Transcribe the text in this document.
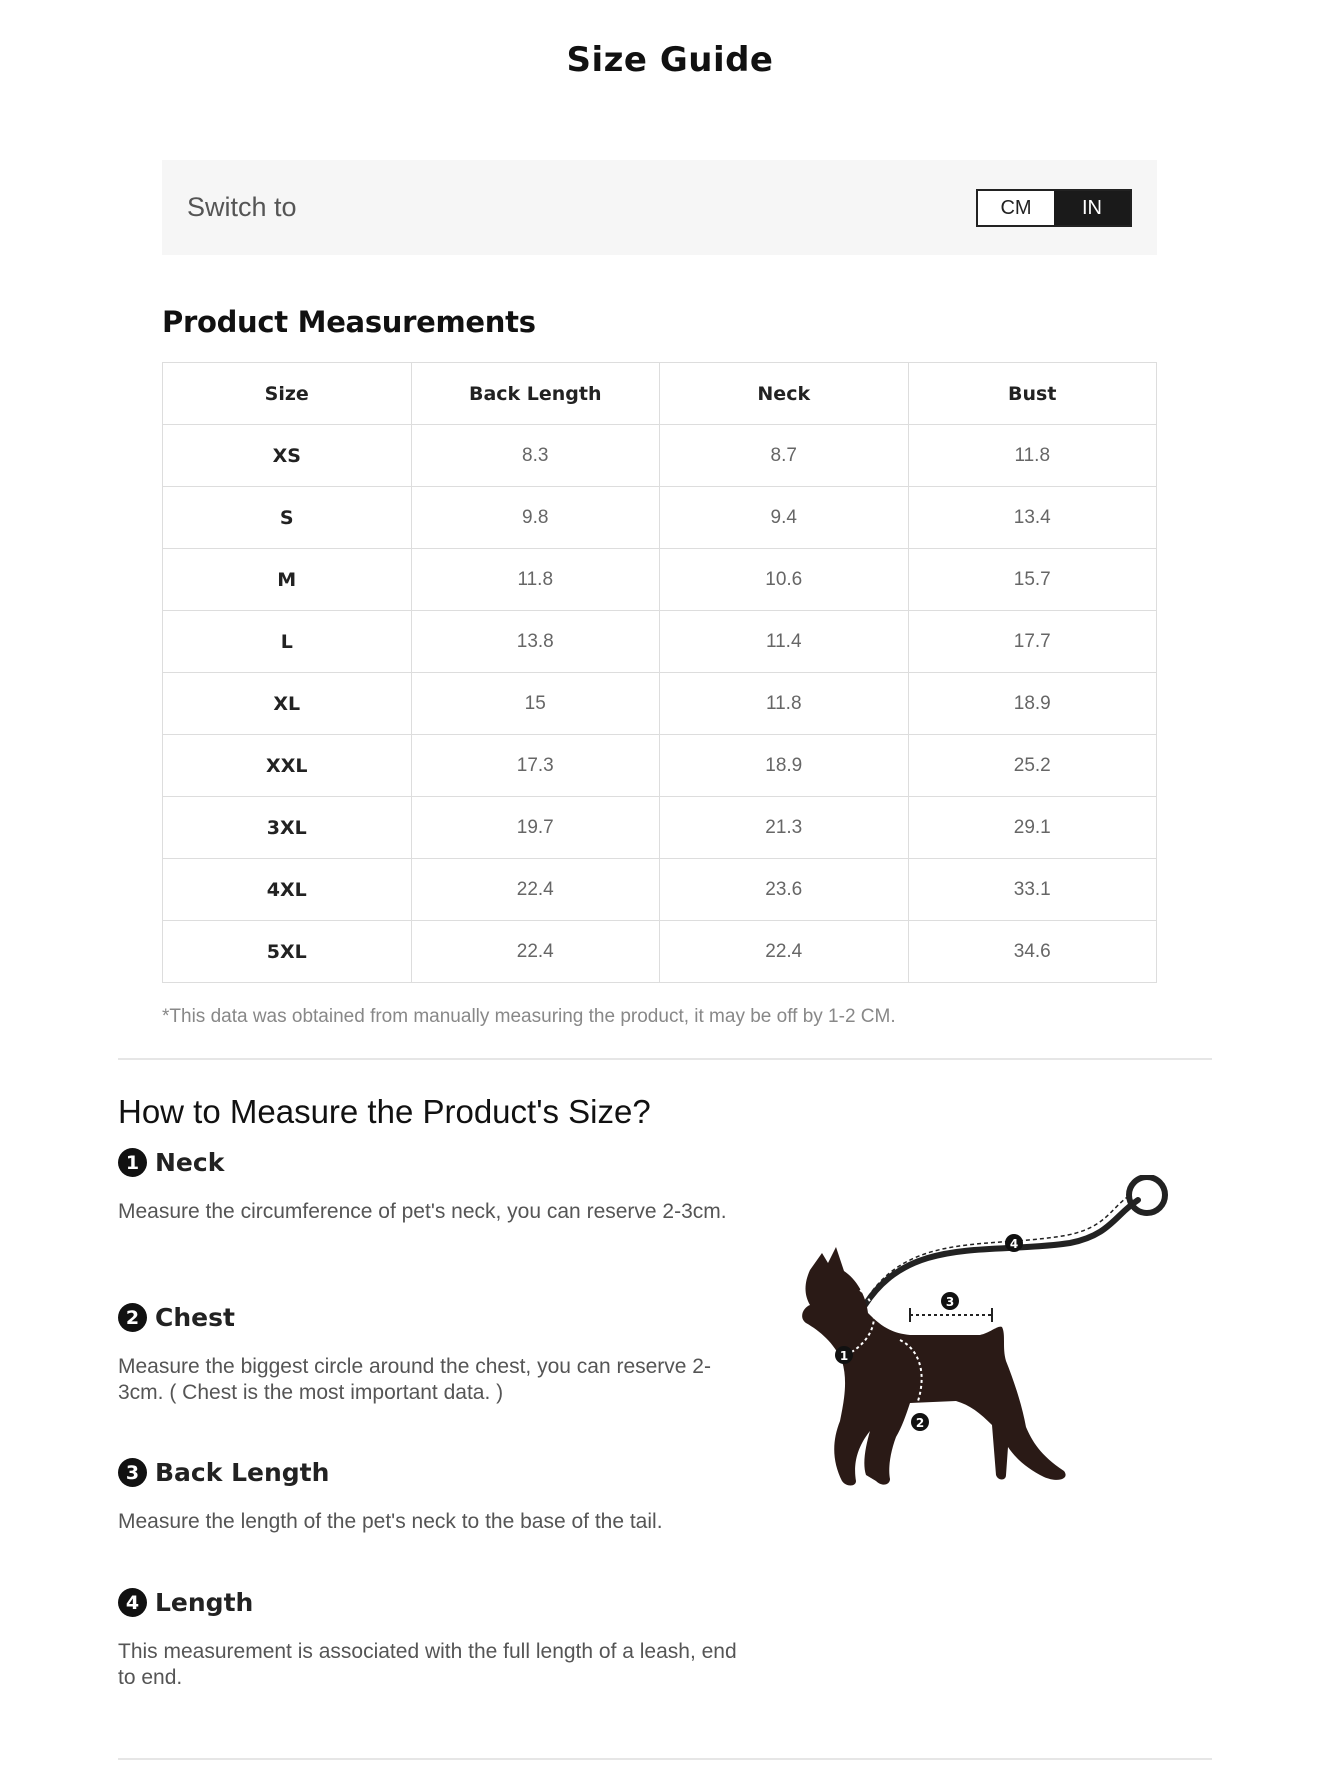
Size Guide
Switch to	CM	IN
Product Measurements
Size	Back Length	Neck	Bust
XS	8.3	8.7	11.8
S	9.8	9.4	13.4
M	11.8	10.6	15.7
L	13.8	11.4	17.7
XL	15	11.8	18.9
XXL	17.3	18.9	25.2
3XL	19.7	21.3	29.1
4XL	22.4	23.6	33.1
5XL	22.4	22.4	34.6
*This data was obtained from manually measuring the product, it may be off by 1-2 CM.
How to Measure the Product's Size?
1 Neck
Measure the circumference of pet's neck, you can reserve 2-3cm.
2 Chest
Measure the biggest circle around the chest, you can reserve 2-3cm. ( Chest is the most important data. )
3 Back Length
Measure the length of the pet's neck to the base of the tail.
4 Length
This measurement is associated with the full length of a leash, end to end.
1
2
3
4
